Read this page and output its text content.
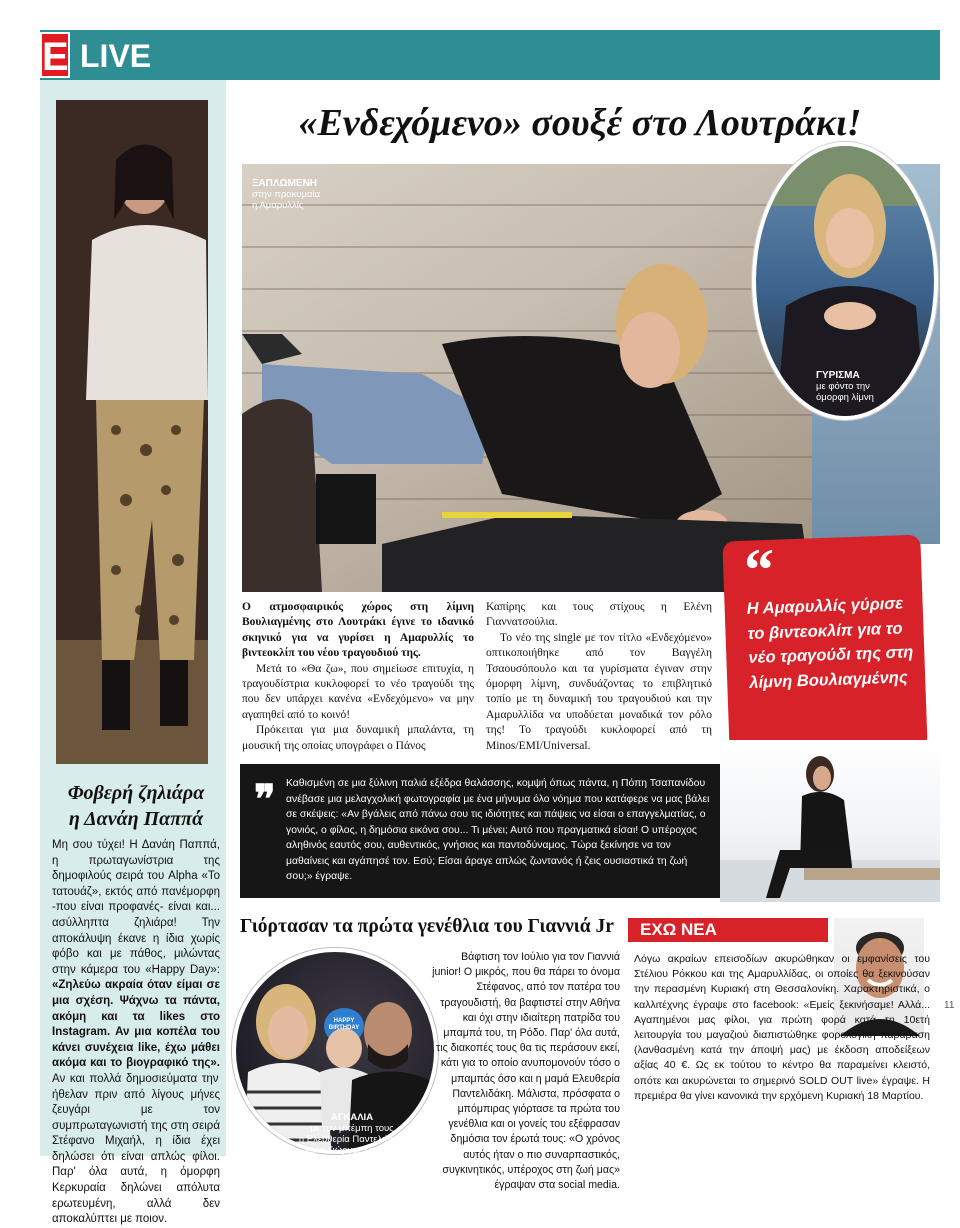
E LIVE
Φοβερή ζηλιάρα
η Δανάη Παππά
Μη σου τύχει! Η Δανάη Παππά, η πρωταγωνίστρια της δημοφιλούς σειρά του Alpha «Το τατουάζ», εκτός από πανέμορφη -που είναι προφανές- είναι και... ασύλληπτα ζηλιάρα! Την αποκάλυψη έκανε η ίδια χωρίς φόβο και με πάθος, μιλώντας στην κάμερα του «Happy Day»: «Ζηλεύω ακραία όταν είμαι σε μια σχέση. Ψάχνω τα πάντα, ακόμη και τα likes στο Instagram. Αν μια κοπέλα του κάνει συνέχεια like, έχω μάθει ακόμα και το βιογραφικό της». Αν και πολλά δημοσιεύματα την ήθελαν πριν από λίγους μήνες ζευγάρι με τον συμπρωταγωνιστή της στη σειρά Στέφανο Μιχαήλ, η ίδια έχει δηλώσει ότι είναι απλώς φίλοι. Παρ' όλα αυτά, η όμορφη Κερκυραία δηλώνει απόλυτα ερωτευμένη, αλλά δεν αποκαλύπτει με ποιον.
«Ενδεχόμενο» σουξέ στο Λουτράκι!
ΞΑΠΛΩΜΕΝΗ
στην προκυμαία
η Αμαρυλλίς
ΓΥΡΙΣΜΑ
με φόντο την
όμορφη λίμνη
“
Η Αμαρυλλίς γύρισε το βιντεοκλίπ για το νέο τραγούδι της στη λίμνη Βουλιαγμένης
Ο ατμοσφαιρικός χώρος στη λίμνη Βουλιαγμένης στο Λουτράκι έγινε το ιδανικό σκηνικό για να γυρίσει η Αμαρυλλίς το βιντεοκλίπ του νέου τραγουδιού της.
Μετά το «Θα ζω», που σημείωσε επιτυχία, η τραγουδίστρια κυκλοφορεί το νέο τραγούδι της που δεν υπάρχει κανένα «Ενδεχόμενο» να μην αγαπηθεί από το κοινό!
Πρόκειται για μια δυναμική μπαλάντα, τη μουσική της οποίας υπογράφει ο Πάνος
Καπίρης και τους στίχους η Ελένη Γιαννατσούλια.
Το νέο της single με τον τίτλο «Ενδεχόμενο» οπτικοποιήθηκε από τον Βαγγέλη Τσαουσόπουλο και τα γυρίσματα έγιναν στην όμορφη λίμνη, συνδυάζοντας το επιβλητικό τοπίο με τη δυναμική του τραγουδιού και την Αμαρυλλίδα να υποδύεται μοναδικά τον ρόλο της! Το τραγούδι κυκλοφορεί από τη Minos/EMI/Universal.
❞ Καθισμένη σε μια ξύλινη παλιά εξέδρα θαλάσσης, κομψή όπως πάντα, η Πόπη Τσαπανίδου ανέβασε μια μελαγχολική φωτογραφία με ένα μήνυμα όλο νόημα που κατάφερε να μας βάλει σε σκέψεις: «Αν βγάλεις από πάνω σου τις ιδιότητες και πάψεις να είσαι ο επαγγελματίας, ο γονιός, ο φίλος, η δημόσια εικόνα σου... Τι μένει; Αυτό που πραγματικά είσαι! Ο υπέροχος αληθινός εαυτός σου, αυθεντικός, γνήσιος και παντοδύναμος. Τώρα ξεκίνησε να τον μαθαίνεις και αγάπησέ τον. Εσύ; Είσαι άραγε απλώς ζωντανός ή ζεις ουσιαστικά τη ζωή σου;» έγραψε.
Γιόρτασαν τα πρώτα γενέθλια του Γιαννιά Jr
HAPPY BIRTHDAY
ΑΓΚΑΛΙΑ
με τον μπέμπη τους
η Ελευθερία Παντελιδάκη
και ο Γιώργος Γιαννιάς
Βάφτιση τον Ιούλιο για τον Γιαννιά junior! Ο μικρός, που θα πάρει το όνομα Στέφανος, από τον πατέρα του τραγουδιστή, θα βαφτιστεί στην Αθήνα και όχι στην ιδιαίτερη πατρίδα του μπαμπά του, τη Ρόδο. Παρ' όλα αυτά, τις διακοπές τους θα τις περάσουν εκεί, κάτι για το οποίο ανυπομονούν τόσο ο μπαμπάς όσο και η μαμά Ελευθερία Παντελιδάκη. Μάλιστα, πρόσφατα ο μπόμπιρας γιόρτασε τα πρώτα του γενέθλια και οι γονείς του εξέφρασαν δημόσια τον έρωτά τους: «Ο χρόνος αυτός ήταν ο πιο συναρπαστικός, συγκινητικός, υπέροχος στη ζωή μας» έγραψαν στα social media.
ΕΧΩ ΝΕΑ
Λόγω ακραίων επεισοδίων ακυρώθηκαν οι εμφανίσεις του Στέλιου Ρόκκου και της Αμαρυλλίδας, οι οποίες θα ξεκινούσαν την περασμένη Κυριακή στη Θεσσαλονίκη. Χαρακτηριστικά, ο καλλιτέχνης έγραψε στο facebook: «Εμείς ξεκινήσαμε! Αλλά... Αγαπημένοι μας φίλοι, για πρώτη φορά κατά τη 10ετή λειτουργία του μαγαζιού διαπιστώθηκε φορολογική παράβαση (λανθασμένη κατά την άποψή μας) με έκδοση αποδείξεων αξίας 40 €. Ως εκ τούτου το κέντρο θα παραμείνει κλειστό, οπότε και ακυρώνεται το σημερινό SOLD OUT live» έγραψε. Η πρεμιέρα θα γίνει κανονικά την ερχόμενη Κυριακή 18 Μαρτίου.
11
